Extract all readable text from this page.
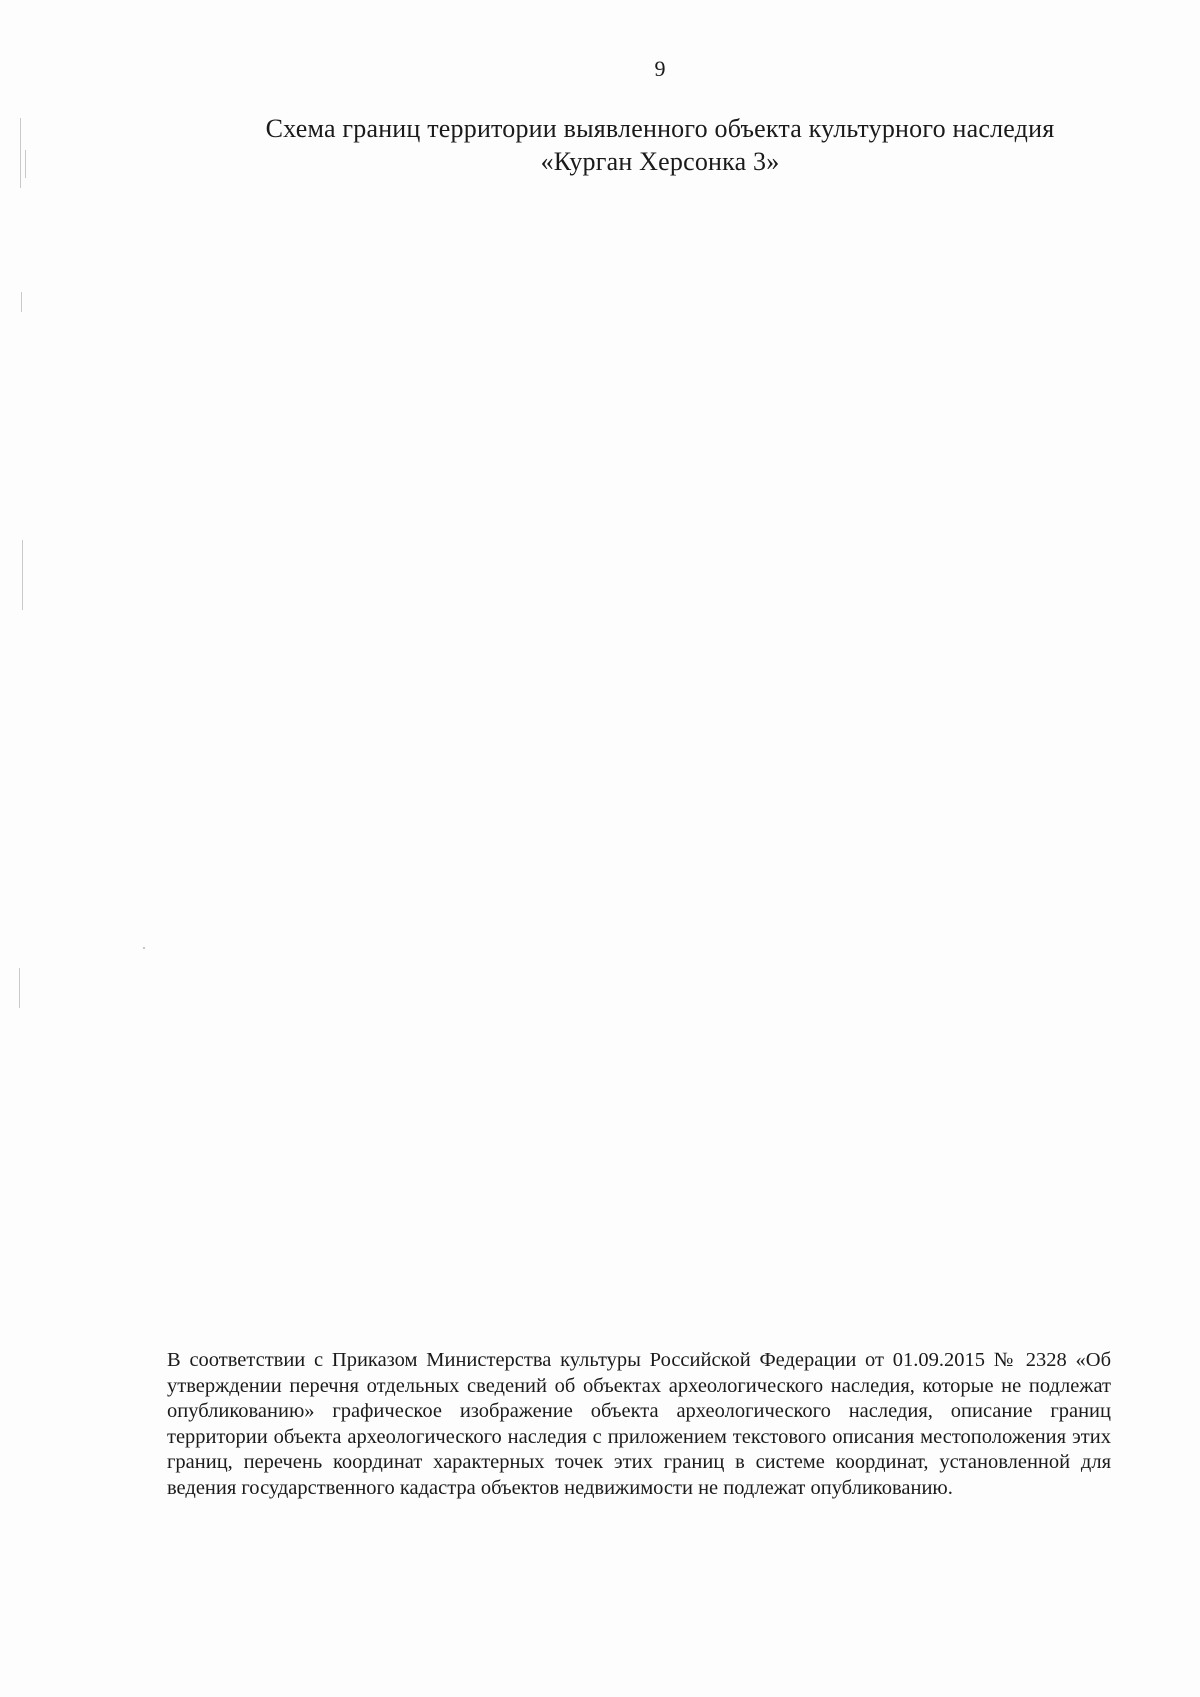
9
Схема границ территории выявленного объекта культурного наследия
«Курган Херсонка 3»
В соответствии с Приказом Министерства культуры Российской Федерации от 01.09.2015 № 2328 «Об утверждении перечня отдельных сведений об объектах археологического наследия, которые не подлежат опубликованию» графическое изображение объекта археологического наследия, описание границ территории объекта археологического наследия с приложением текстового описания местоположения этих границ, перечень координат характерных точек этих границ в системе координат, установленной для ведения государственного кадастра объектов недвижимости не подлежат опубликованию.
